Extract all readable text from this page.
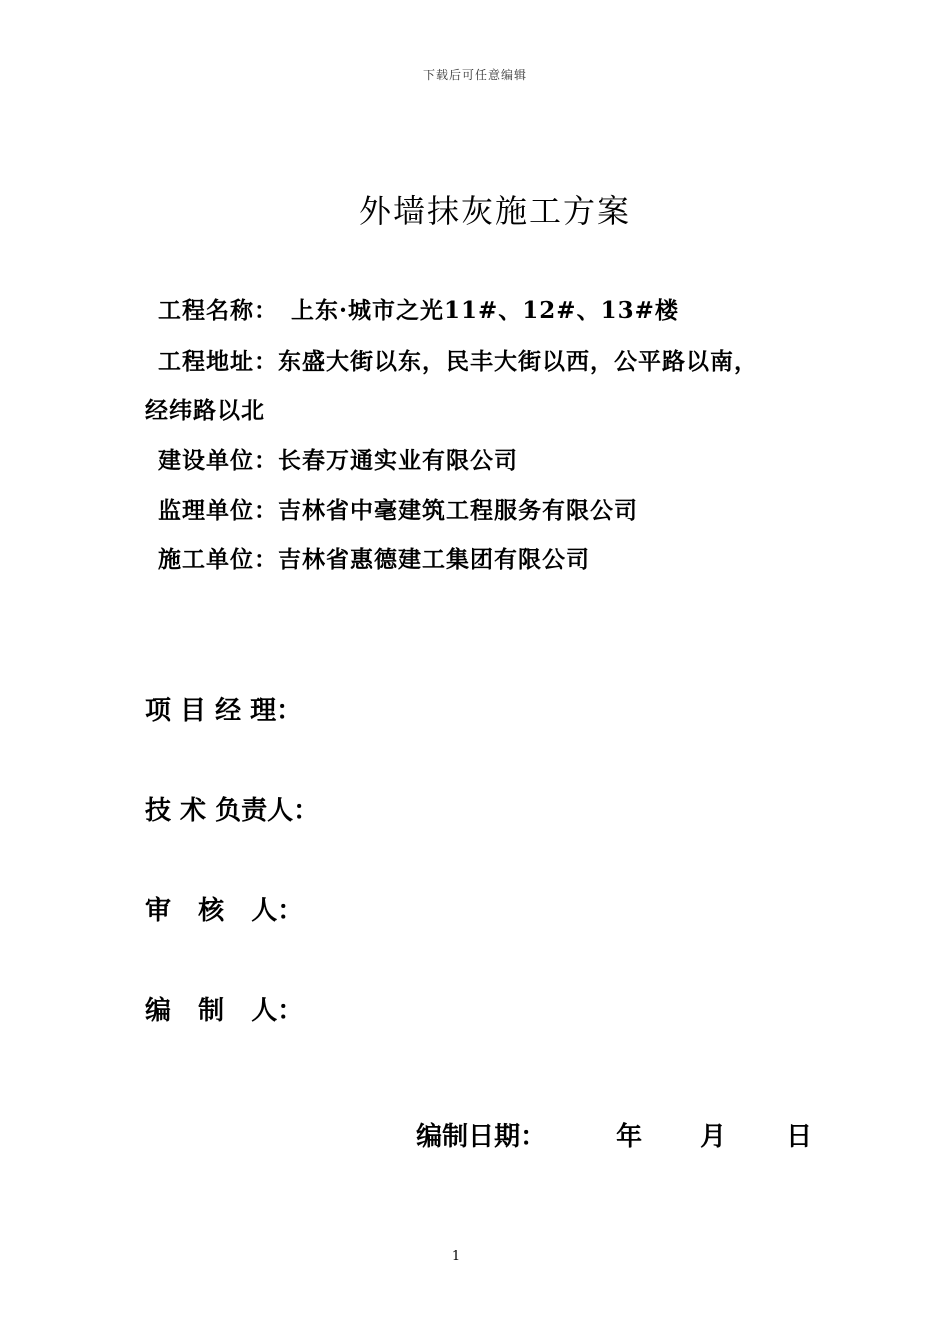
下载后可任意编辑
外墙抹灰施工方案
工程名称： 上东·城市之光11#、12#、13#楼
工程地址：东盛大街以东，民丰大街以西，公平路以南，
经纬路以北
建设单位：长春万通实业有限公司
监理单位：吉林省中毫建筑工程服务有限公司
施工单位：吉林省惠德建工集团有限公司
项 目 经 理：
技 术 负责人：
审   核   人：
编   制   人：

编制日期：	年 月 日

1
